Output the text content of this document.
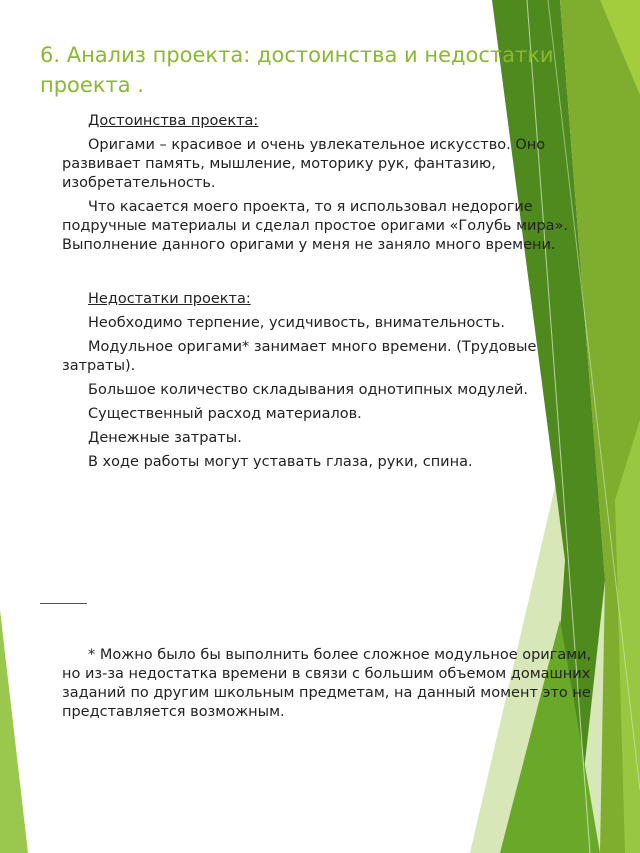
6. Анализ проекта: достоинства и недостатки проекта .

Достоинства проекта:

Оригами – красивое и очень увлекательное искусство. Оно развивает память, мышление, моторику рук, фантазию, изобретательность.

Что касается моего проекта, то я использовал недорогие подручные материалы и сделал простое оригами «Голубь мира». Выполнение данного оригами у меня не заняло много времени.

Недостатки проекта:

Необходимо терпение, усидчивость, внимательность.

Модульное оригами* занимает много времени. (Трудовые затраты).

Большое количество складывания однотипных модулей.

Существенный расход материалов.

Денежные затраты.

В ходе работы могут уставать глаза, руки, спина.

* Можно было бы выполнить более сложное модульное оригами, но из-за недостатка времени в связи с большим объемом домашних заданий по другим школьным предметам, на данный момент это не представляется возможным.
